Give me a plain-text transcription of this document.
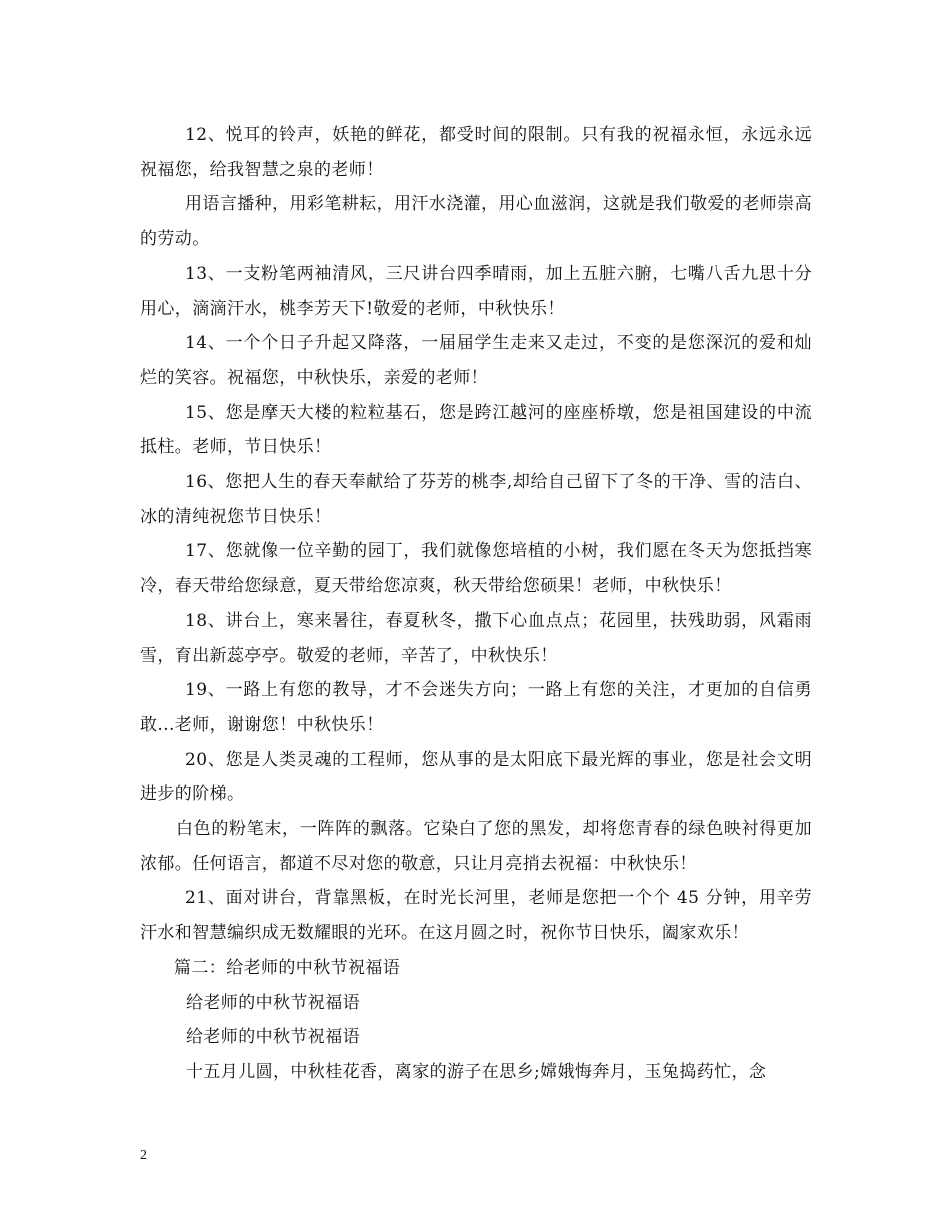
12、悦耳的铃声，妖艳的鲜花，都受时间的限制。只有我的祝福永恒，永远永远祝福您，给我智慧之泉的老师！

用语言播种，用彩笔耕耘，用汗水浇灌，用心血滋润，这就是我们敬爱的老师崇高的劳动。

13、一支粉笔两袖清风，三尺讲台四季晴雨，加上五脏六腑，七嘴八舌九思十分用心，滴滴汗水，桃李芳天下!敬爱的老师，中秋快乐！

14、一个个日子升起又降落，一届届学生走来又走过，不变的是您深沉的爱和灿烂的笑容。祝福您，中秋快乐，亲爱的老师！

15、您是摩天大楼的粒粒基石，您是跨江越河的座座桥墩，您是祖国建设的中流抵柱。老师，节日快乐！

16、您把人生的春天奉献给了芬芳的桃李,却给自己留下了冬的干净、雪的洁白、冰的清纯祝您节日快乐！

17、您就像一位辛勤的园丁，我们就像您培植的小树，我们愿在冬天为您抵挡寒冷，春天带给您绿意，夏天带给您凉爽，秋天带给您硕果！老师，中秋快乐！

18、讲台上，寒来暑往，春夏秋冬，撒下心血点点；花园里，扶残助弱，风霜雨雪，育出新蕊亭亭。敬爱的老师，辛苦了，中秋快乐！

19、一路上有您的教导，才不会迷失方向；一路上有您的关注，才更加的自信勇敢...老师，谢谢您！中秋快乐！

20、您是人类灵魂的工程师，您从事的是太阳底下最光辉的事业，您是社会文明进步的阶梯。

白色的粉笔末，一阵阵的飘落。它染白了您的黑发，却将您青春的绿色映衬得更加浓郁。任何语言，都道不尽对您的敬意，只让月亮捎去祝福：中秋快乐！

21、面对讲台，背靠黑板，在时光长河里，老师是您把一个个 45 分钟，用辛劳汗水和智慧编织成无数耀眼的光环。在这月圆之时，祝你节日快乐，阖家欢乐！

篇二：给老师的中秋节祝福语

给老师的中秋节祝福语

给老师的中秋节祝福语

十五月儿圆，中秋桂花香，离家的游子在思乡;嫦娥悔奔月，玉兔捣药忙，念

2
